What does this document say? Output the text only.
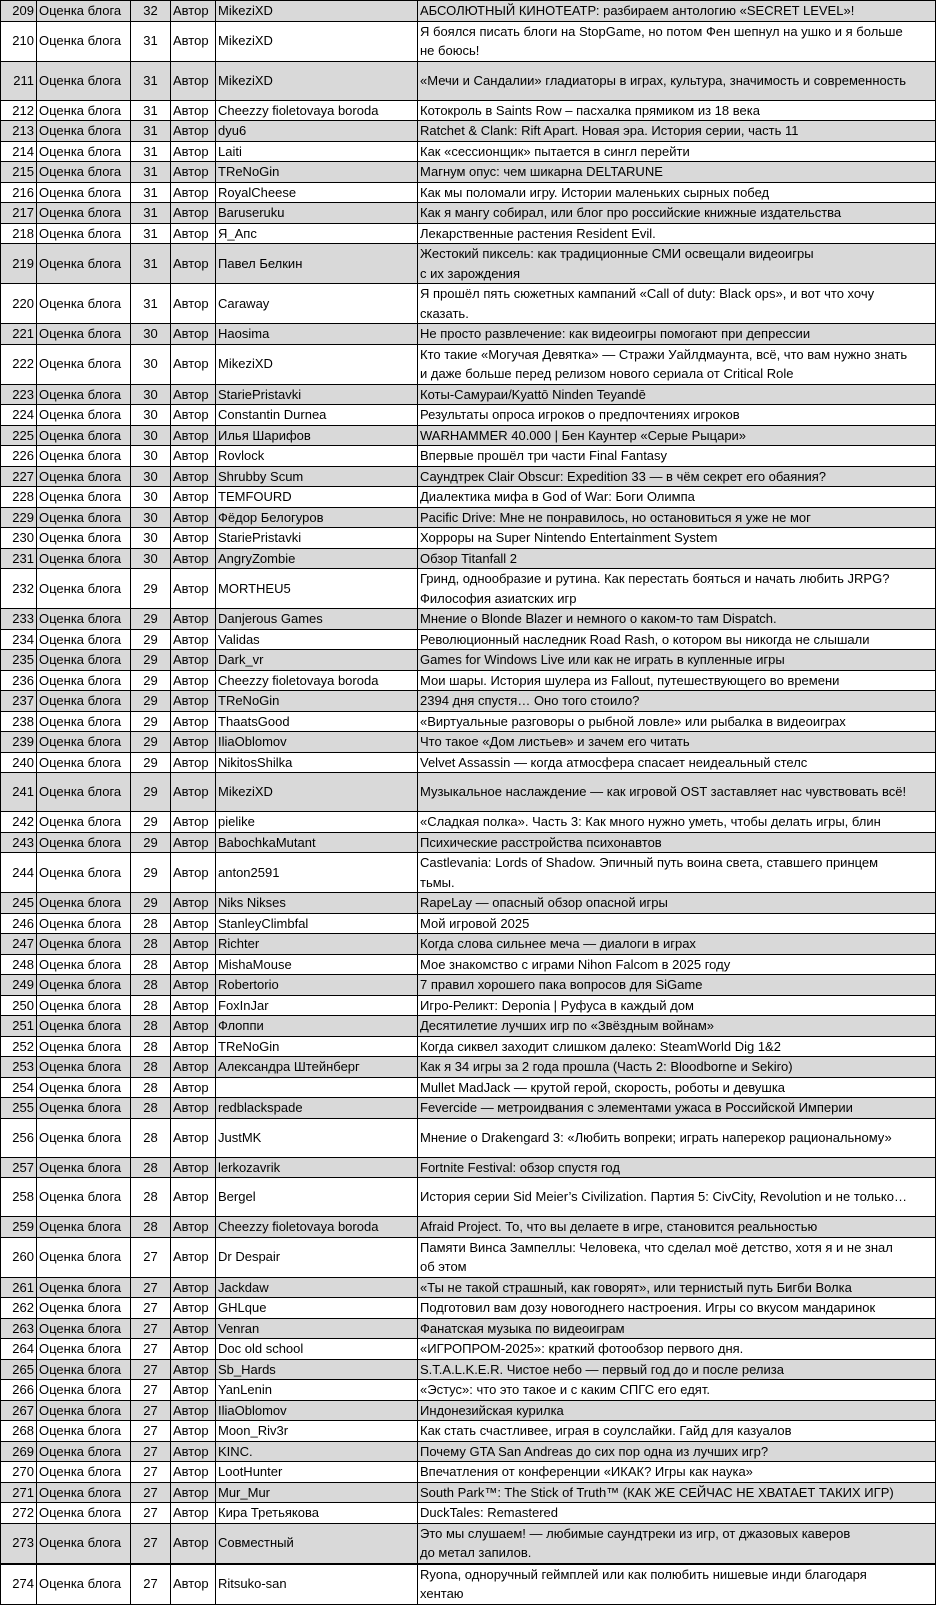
209	Оценка блога	32	Автор	MikeziXD	АБСОЛЮТНЫЙ КИНОТЕАТР: разбираем антологию «SECRET LEVEL»!
210	Оценка блога	31	Автор	MikeziXD	Я боялся писать блоги на StopGame, но потом Фен шепнул на ушко и я больше
не боюсь!
211	Оценка блога	31	Автор	MikeziXD	«Мечи и Сандалии» гладиаторы в играх, культура, значимость и современность
212	Оценка блога	31	Автор	Cheezzy fioletovaya boroda	Котокроль в Saints Row – пасхалка прямиком из 18 века
213	Оценка блога	31	Автор	dyu6	Ratchet & Clank: Rift Apart. Новая эра. История серии, часть 11
214	Оценка блога	31	Автор	Laiti	Как «сессионщик» пытается в сингл перейти
215	Оценка блога	31	Автор	TReNoGin	Магнум опус: чем шикарна DELTARUNE
216	Оценка блога	31	Автор	RoyalCheese	Как мы поломали игру. Истории маленьких сырных побед
217	Оценка блога	31	Автор	Baruseruku	Как я мангу собирал, или блог про российские книжные издательства
218	Оценка блога	31	Автор	Я_Апс	Лекарственные растения Resident Evil.
219	Оценка блога	31	Автор	Павел Белкин	Жестокий пиксель: как традиционные СМИ освещали видеоигры
с их зарождения
220	Оценка блога	31	Автор	Caraway	Я прошёл пять сюжетных кампаний «Call of duty: Black ops», и вот что хочу
сказать.
221	Оценка блога	30	Автор	Haosima	Не просто развлечение: как видеоигры помогают при депрессии
222	Оценка блога	30	Автор	MikeziXD	Кто такие «Могучая Девятка» — Стражи Уайлдмаунта, всё, что вам нужно знать
и даже больше перед релизом нового сериала от Critical Role
223	Оценка блога	30	Автор	StariePristavki	Коты-Самураи/Kyattō Ninden Teyandē
224	Оценка блога	30	Автор	Constantin Durnea	Результаты опроса игроков о предпочтениях игроков
225	Оценка блога	30	Автор	Илья Шарифов	WARHAMMER 40.000 | Бен Каунтер «Серые Рыцари»
226	Оценка блога	30	Автор	Rovlock	Впервые прошёл три части Final Fantasy
227	Оценка блога	30	Автор	Shrubby Scum	Саундтрек Clair Obscur: Expedition 33 — в чём секрет его обаяния?
228	Оценка блога	30	Автор	TEMFOURD	Диалектика мифа в God of War: Боги Олимпа
229	Оценка блога	30	Автор	Фёдор Белогуров	Pacific Drive: Мне не понравилось, но остановиться я уже не мог
230	Оценка блога	30	Автор	StariePristavki	Хорроры на Super Nintendo Entertainment System
231	Оценка блога	30	Автор	AngryZombie	Обзор Titanfall 2
232	Оценка блога	29	Автор	MORTHEU5	Гринд, однообразие и рутина. Как перестать бояться и начать любить JRPG?
Философия азиатских игр
233	Оценка блога	29	Автор	Danjerous Games	Мнение о Blonde Blazer и немного о каком-то там Dispatch.
234	Оценка блога	29	Автор	Validas	Революционный наследник Road Rash, о котором вы никогда не слышали
235	Оценка блога	29	Автор	Dark_vr	Games for Windows Live или как не играть в купленные игры
236	Оценка блога	29	Автор	Cheezzy fioletovaya boroda	Мои шары. История шулера из Fallout, путешествующего во времени
237	Оценка блога	29	Автор	TReNoGin	2394 дня спустя… Оно того стоило?
238	Оценка блога	29	Автор	ThaatsGood	«Виртуальные разговоры о рыбной ловле» или рыбалка в видеоиграх
239	Оценка блога	29	Автор	IliaOblomov	Что такое «Дом листьев» и зачем его читать
240	Оценка блога	29	Автор	NikitosShilka	Velvet Assassin — когда атмосфера спасает неидеальный стелс
241	Оценка блога	29	Автор	MikeziXD	Музыкальное наслаждение — как игровой OST заставляет нас чувствовать всё!
242	Оценка блога	29	Автор	pielike	«Сладкая полка». Часть 3: Как много нужно уметь, чтобы делать игры, блин
243	Оценка блога	29	Автор	BabochkaMutant	Психические расстройства психонавтов
244	Оценка блога	29	Автор	anton2591	Castlevania: Lords of Shadow. Эпичный путь воина света, ставшего принцем
тьмы.
245	Оценка блога	29	Автор	Niks Nikses	RapeLay — опасный обзор опасной игры
246	Оценка блога	28	Автор	StanleyClimbfal	Мой игровой 2025
247	Оценка блога	28	Автор	Richter	Когда слова сильнее меча — диалоги в играх
248	Оценка блога	28	Автор	MishaMouse	Мое знакомство с играми Nihon Falcom в 2025 году
249	Оценка блога	28	Автор	Robertorio	7 правил хорошего пака вопросов для SiGame
250	Оценка блога	28	Автор	FoxInJar	Игро-Реликт: Deponia | Руфуса в каждый дом
251	Оценка блога	28	Автор	Флоппи	Десятилетие лучших игр по «Звёздным войнам»
252	Оценка блога	28	Автор	TReNoGin	Когда сиквел заходит слишком далеко: SteamWorld Dig 1&2
253	Оценка блога	28	Автор	Александра Штейнберг	Как я 34 игры за 2 года прошла (Часть 2: Bloodborne и Sekiro)
254	Оценка блога	28	Автор		Mullet MadJack — крутой герой, скорость, роботы и девушка
255	Оценка блога	28	Автор	redblackspade	Fevercide — метроидвания с элементами ужаса в Российской Империи
256	Оценка блога	28	Автор	JustMK	Мнение о Drakengard 3: «Любить вопреки; играть наперекор рациональному»
257	Оценка блога	28	Автор	lerkozavrik	Fortnite Festival: обзор спустя год
258	Оценка блога	28	Автор	Bergel	История серии Sid Meier’s Civilization. Партия 5: CivCity, Revolution и не только…
259	Оценка блога	28	Автор	Cheezzy fioletovaya boroda	Afraid Project. То, что вы делаете в игре, становится реальностью
260	Оценка блога	27	Автор	Dr Despair	Памяти Винса Зампеллы: Человека, что сделал моё детство, хотя я и не знал
об этом
261	Оценка блога	27	Автор	Jackdaw	«Ты не такой страшный, как говорят», или тернистый путь Бигби Волка
262	Оценка блога	27	Автор	GHLque	Подготовил вам дозу новогоднего настроения. Игры со вкусом мандаринок
263	Оценка блога	27	Автор	Venran	Фанатская музыка по видеоиграм
264	Оценка блога	27	Автор	Doc old school	«ИГРОПРОМ-2025»: краткий фотообзор первого дня.
265	Оценка блога	27	Автор	Sb_Hards	S.T.A.L.K.E.R. Чистое небо — первый год до и после релиза
266	Оценка блога	27	Автор	YanLenin	«Эстус»: что это такое и с каким СПГС его едят.
267	Оценка блога	27	Автор	IliaOblomov	Индонезийская курилка
268	Оценка блога	27	Автор	Moon_Riv3r	Как стать счастливее, играя в соулслайки. Гайд для казуалов
269	Оценка блога	27	Автор	KINC.	Почему GTA San Andreas до сих пор одна из лучших игр?
270	Оценка блога	27	Автор	LootHunter	Впечатления от конференции «ИКАК? Игры как наука»
271	Оценка блога	27	Автор	Mur_Mur	South Park™: The Stick of Truth™ (КАК ЖЕ СЕЙЧАС НЕ ХВАТАЕТ ТАКИХ ИГР)
272	Оценка блога	27	Автор	Кира Третьякова	DuckTales: Remastered
273	Оценка блога	27	Автор	Совместный	Это мы слушаем! — любимые саундтреки из игр, от джазовых каверов
до метал запилов.
274	Оценка блога	27	Автор	Ritsuko-san	Ryona, одноручный геймплей или как полюбить нишевые инди благодаря
хентаю
